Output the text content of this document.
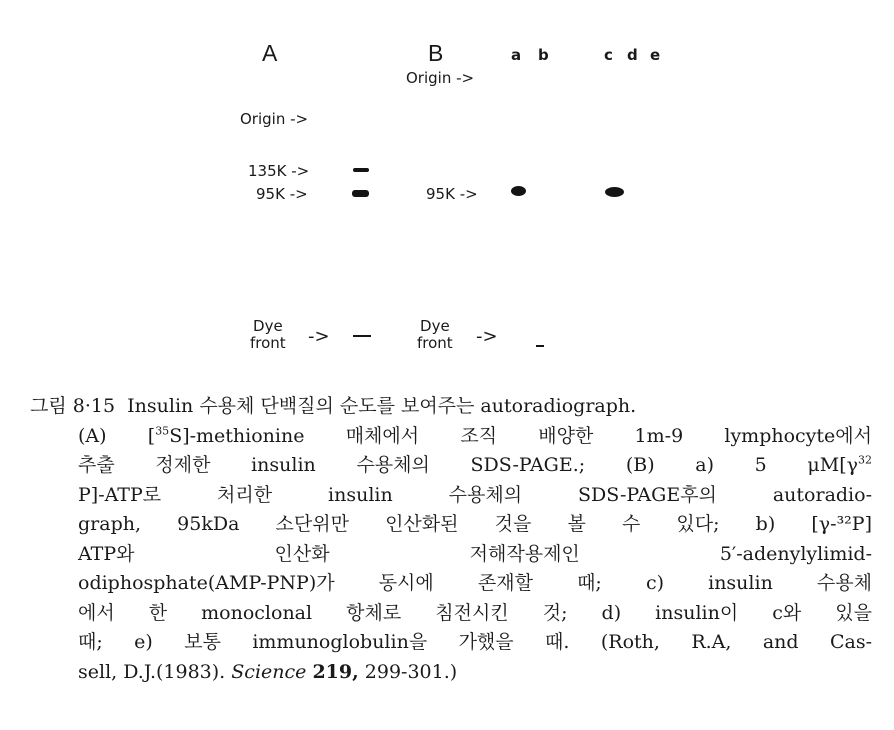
A
Origin ->
135K ->
95K ->
Dye
front ->
B	a b	c d e
Origin ->
95K ->
Dye
front ->
그림 8·15 Insulin 수용체 단백질의 순도를 보여주는 autoradiograph.
(A) [$^{35}$S]-methionine 매체에서 조직 배양한 1m-9 lymphocyte에서
추출 정제한 insulin 수용체의 SDS-PAGE.; (B) a) 5 $\mu M[\gamma^{32}$
P]-ATP로 처리한 insulin 수용체의 SDS-PAGE후의 autoradio-
graph, 95kDa 소단위만 인산화된 것을 볼 수 있다; b) [γ-³²P]
ATP와 인산화 저해작용제인 5′-adenylylimid-
odiphosphate(AMP-PNP)가 동시에 존재할 때; c) insulin 수용체
에서 한 monoclonal 항체로 침전시킨 것; d) insulin이 c와 있을
때; e) 보통 immunoglobulin을 가했을 때. (Roth, R.A, and Cas-
sell, D.J.(1983). Science 219, 299-301.)
